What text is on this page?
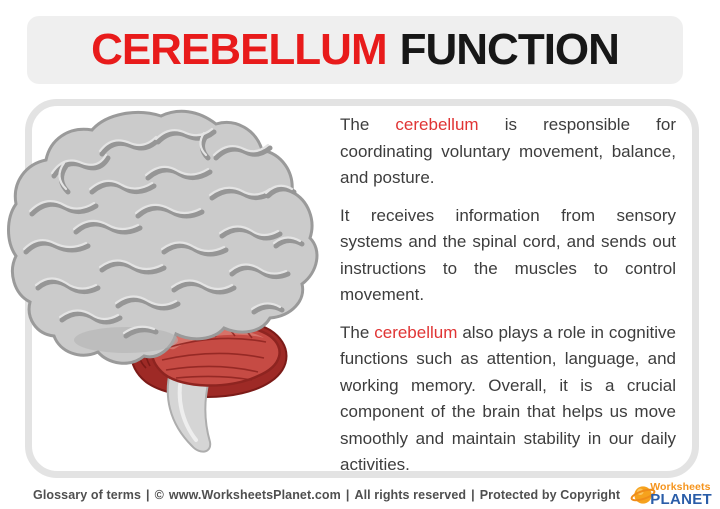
CEREBELLUM FUNCTION

The cerebellum is responsible for coordinating voluntary movement, balance, and posture.

It receives information from sensory systems and the spinal cord, and sends out instructions to the muscles to control movement.

The cerebellum also plays a role in cognitive functions such as attention, language, and working memory. Overall, it is a crucial component of the brain that helps us move smoothly and maintain stability in our daily activities.

Glossary of terms | © www.WorksheetsPlanet.com | All rights reserved | Protected by Copyright
Worksheets
PLANET
